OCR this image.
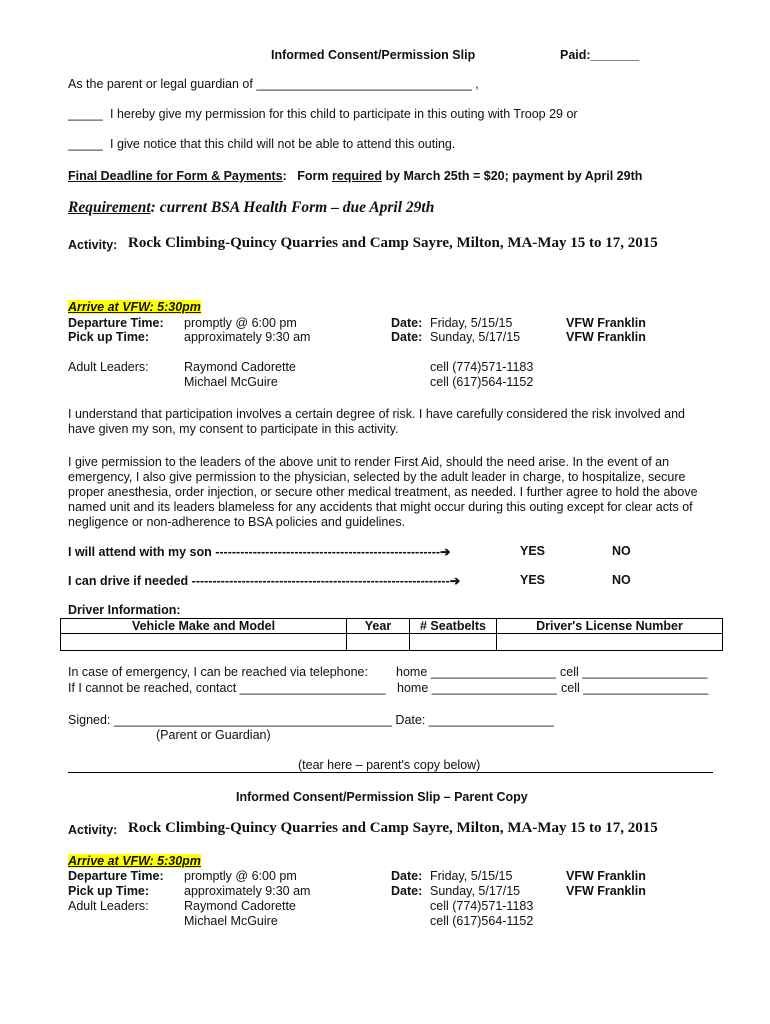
Informed Consent/Permission Slip	Paid:_______
As the parent or legal guardian of _______________________________ ,
_____ I hereby give my permission for this child to participate in this outing with Troop 29 or
_____ I give notice that this child will not be able to attend this outing.
Final Deadline for Form & Payments: Form required by March 25th = $20; payment by April 29th
Requirement: current BSA Health Form – due April 29th
Activity: Rock Climbing-Quincy Quarries and Camp Sayre, Milton, MA-May 15 to 17, 2015
Arrive at VFW: 5:30pm
Departure Time: promptly @ 6:00 pm	Date: Friday, 5/15/15	VFW Franklin
Pick up Time:	approximately 9:30 am	Date: Sunday, 5/17/15	VFW Franklin
Adult Leaders:	Raymond Cadorette	cell (774)571-1183
Michael McGuire	cell (617)564-1152
I understand that participation involves a certain degree of risk. I have carefully considered the risk involved and have given my son, my consent to participate in this activity.
I give permission to the leaders of the above unit to render First Aid, should the need arise. In the event of an emergency, I also give permission to the physician, selected by the adult leader in charge, to hospitalize, secure proper anesthesia, order injection, or secure other medical treatment, as needed. I further agree to hold the above named unit and its leaders blameless for any accidents that might occur during this outing except for clear acts of negligence or non-adherence to BSA policies and guidelines.
I will attend with my son ------------------------------------------------------➔	YES	NO
I can drive if needed --------------------------------------------------------------➔	YES	NO
Driver Information:
Vehicle Make and Model	Year	# Seatbelts	Driver's License Number

In case of emergency, I can be reached via telephone: home __________________ cell __________________
If I cannot be reached, contact _____________________ home __________________ cell __________________
Signed: ________________________________________ Date: __________________
(Parent or Guardian)
(tear here – parent's copy below)
Informed Consent/Permission Slip – Parent Copy
Activity: Rock Climbing-Quincy Quarries and Camp Sayre, Milton, MA-May 15 to 17, 2015
Arrive at VFW: 5:30pm
Departure Time: promptly @ 6:00 pm	Date: Friday, 5/15/15	VFW Franklin
Pick up Time:	approximately 9:30 am	Date: Sunday, 5/17/15	VFW Franklin
Adult Leaders:	Raymond Cadorette	cell (774)571-1183
Michael McGuire	cell (617)564-1152
